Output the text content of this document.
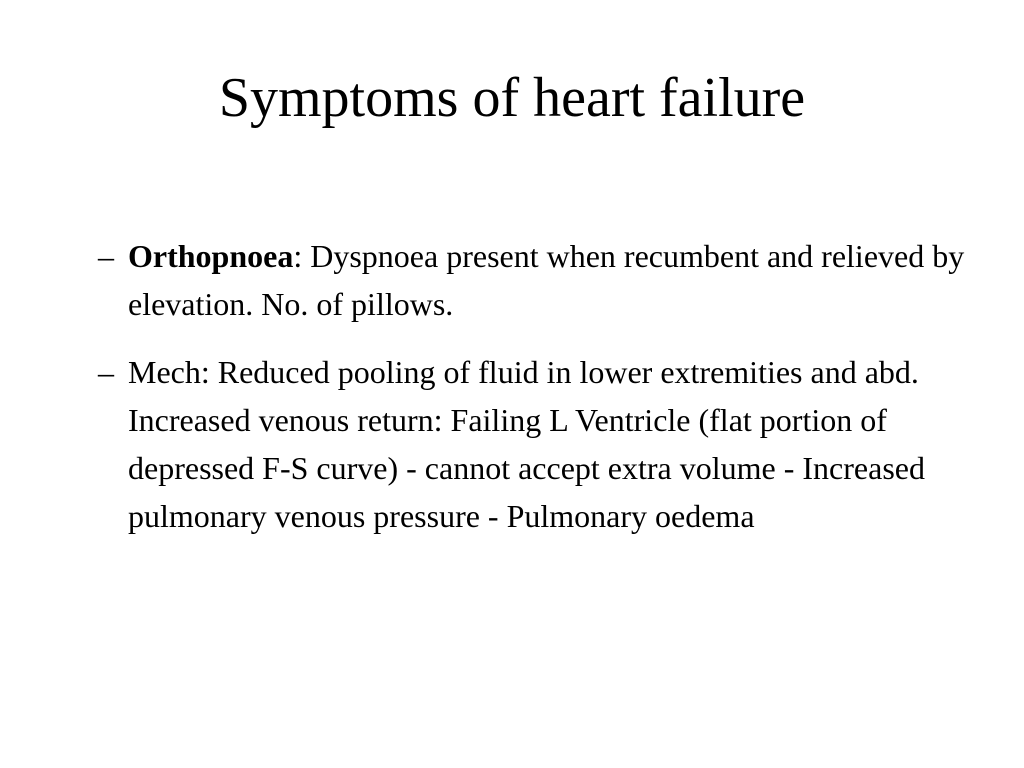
Symptoms of heart failure
– Orthopnoea: Dyspnoea present when recumbent and relieved by elevation. No. of pillows.
– Mech: Reduced pooling of fluid in lower extremities and abd. Increased venous return: Failing L Ventricle (flat portion of depressed F-S curve) - cannot accept extra volume - Increased pulmonary venous pressure - Pulmonary oedema
